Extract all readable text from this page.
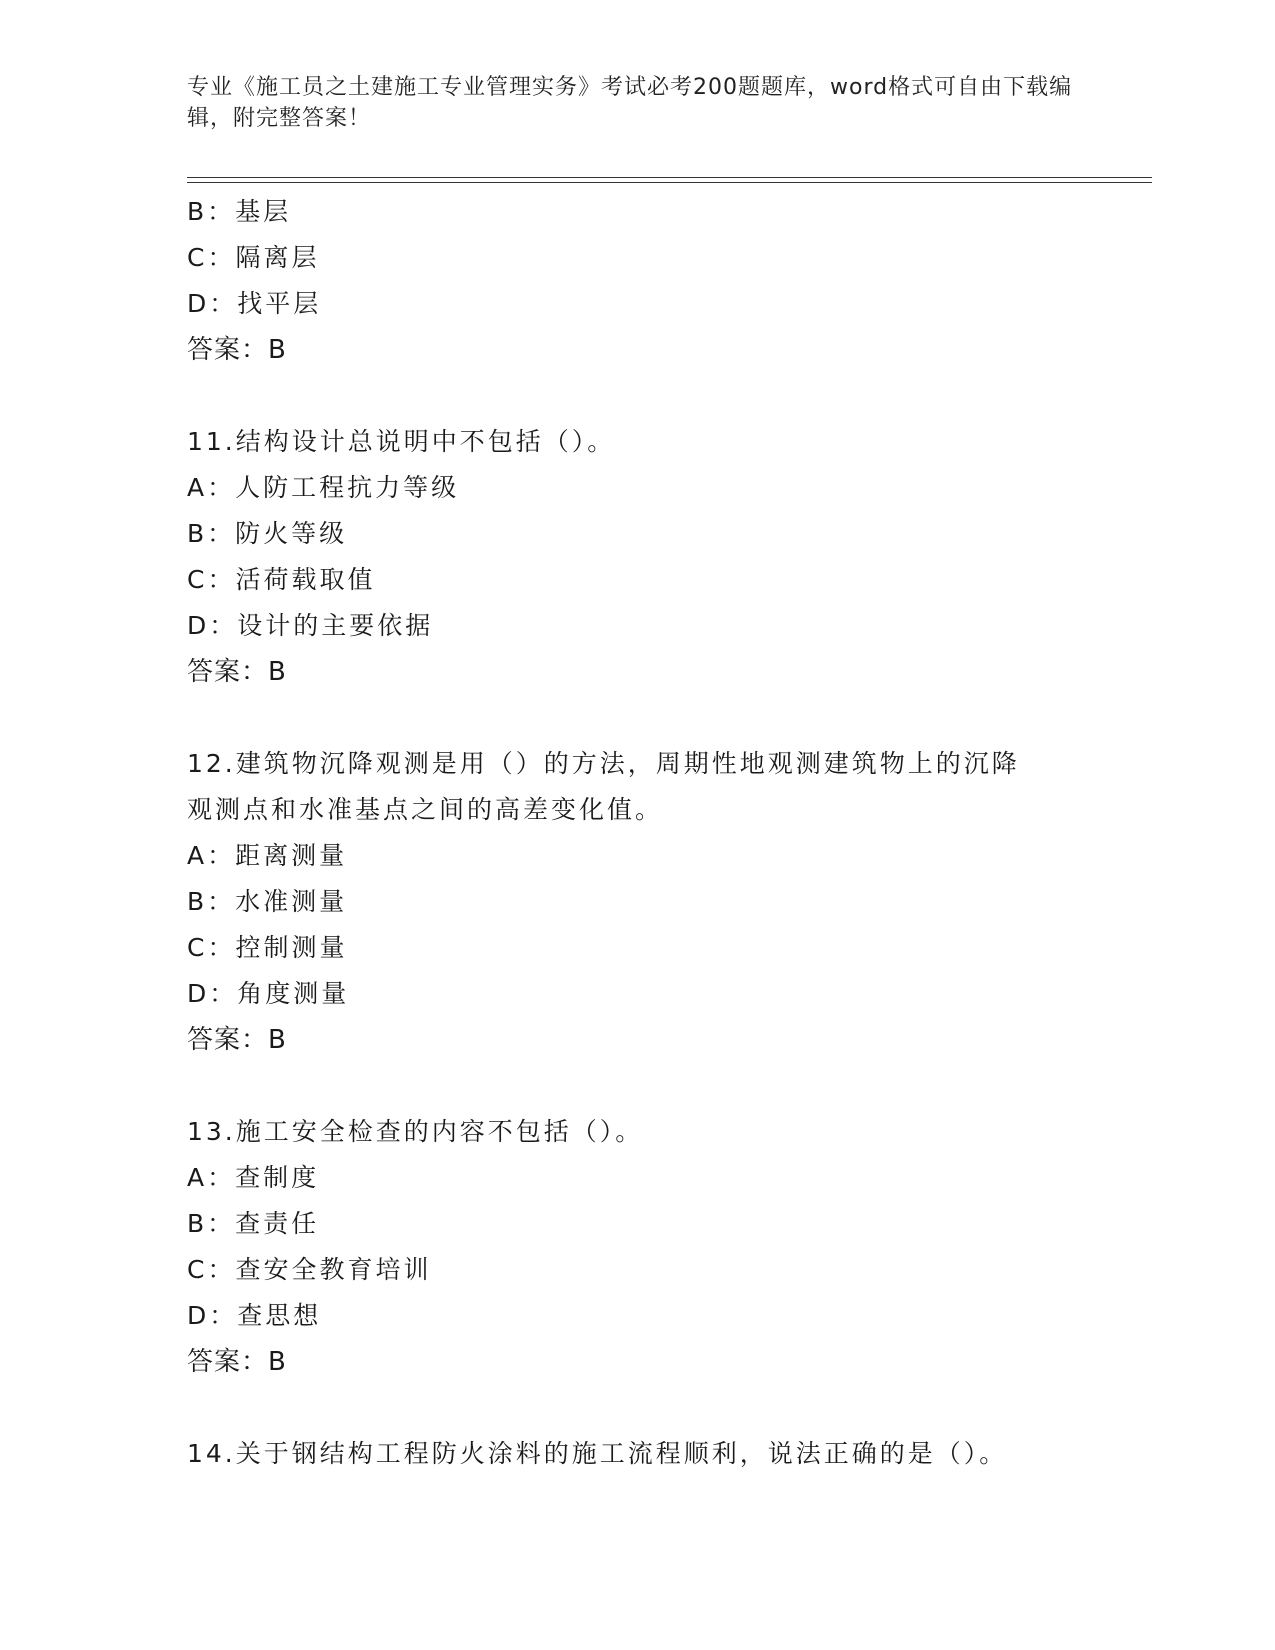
专业《施工员之土建施工专业管理实务》考试必考200题题库，word格式可自由下载编辑，附完整答案！
B：基层
C：隔离层
D：找平层
答案：B
11.结构设计总说明中不包括（）。
A：人防工程抗力等级
B：防火等级
C：活荷载取值
D：设计的主要依据
答案：B
12.建筑物沉降观测是用（）的方法，周期性地观测建筑物上的沉降观测点和水准基点之间的高差变化值。
A：距离测量
B：水准测量
C：控制测量
D：角度测量
答案：B
13.施工安全检查的内容不包括（）。
A：查制度
B：查责任
C：查安全教育培训
D：查思想
答案：B
14.关于钢结构工程防火涂料的施工流程顺利，说法正确的是（）。
